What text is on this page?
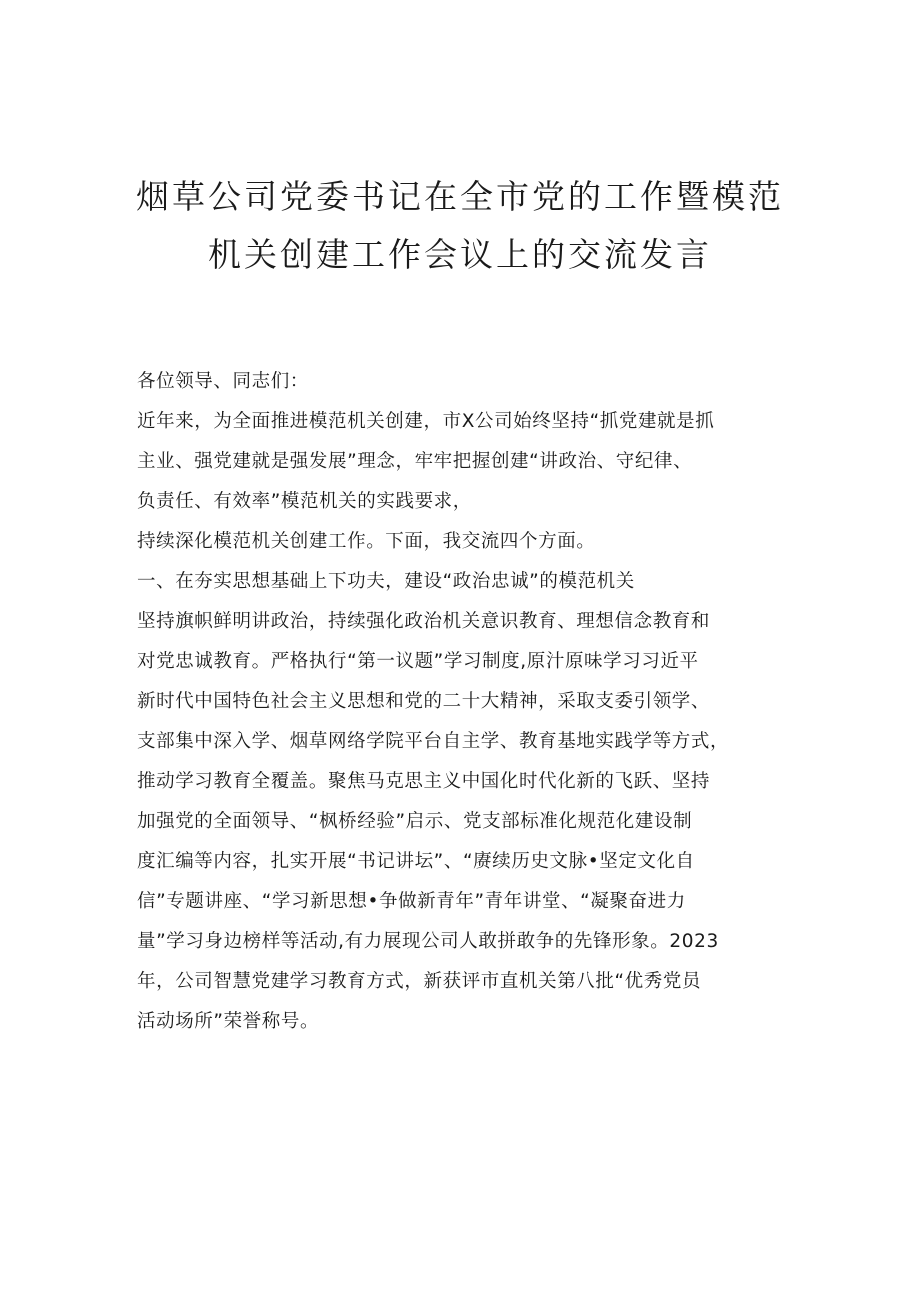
烟草公司党委书记在全市党的工作暨模范
机关创建工作会议上的交流发言
各位领导、同志们：
近年来，为全面推进模范机关创建，市X公司始终坚持“抓党建就是抓
主业、强党建就是强发展”理念，牢牢把握创建“讲政治、守纪律、
负责任、有效率”模范机关的实践要求，
持续深化模范机关创建工作。下面，我交流四个方面。
一、在夯实思想基础上下功夫，建设“政治忠诚”的模范机关
坚持旗帜鲜明讲政治，持续强化政治机关意识教育、理想信念教育和
对党忠诚教育。严格执行“第一议题”学习制度,原汁原味学习习近平
新时代中国特色社会主义思想和党的二十大精神，采取支委引领学、
支部集中深入学、烟草网络学院平台自主学、教育基地实践学等方式，
推动学习教育全覆盖。聚焦马克思主义中国化时代化新的飞跃、坚持
加强党的全面领导、“枫桥经验”启示、党支部标准化规范化建设制
度汇编等内容，扎实开展“书记讲坛”、“赓续历史文脉•坚定文化自
信”专题讲座、“学习新思想•争做新青年”青年讲堂、“凝聚奋进力
量”学习身边榜样等活动,有力展现公司人敢拼敢争的先锋形象。2023
年，公司智慧党建学习教育方式，新获评市直机关第八批“优秀党员
活动场所”荣誉称号。
